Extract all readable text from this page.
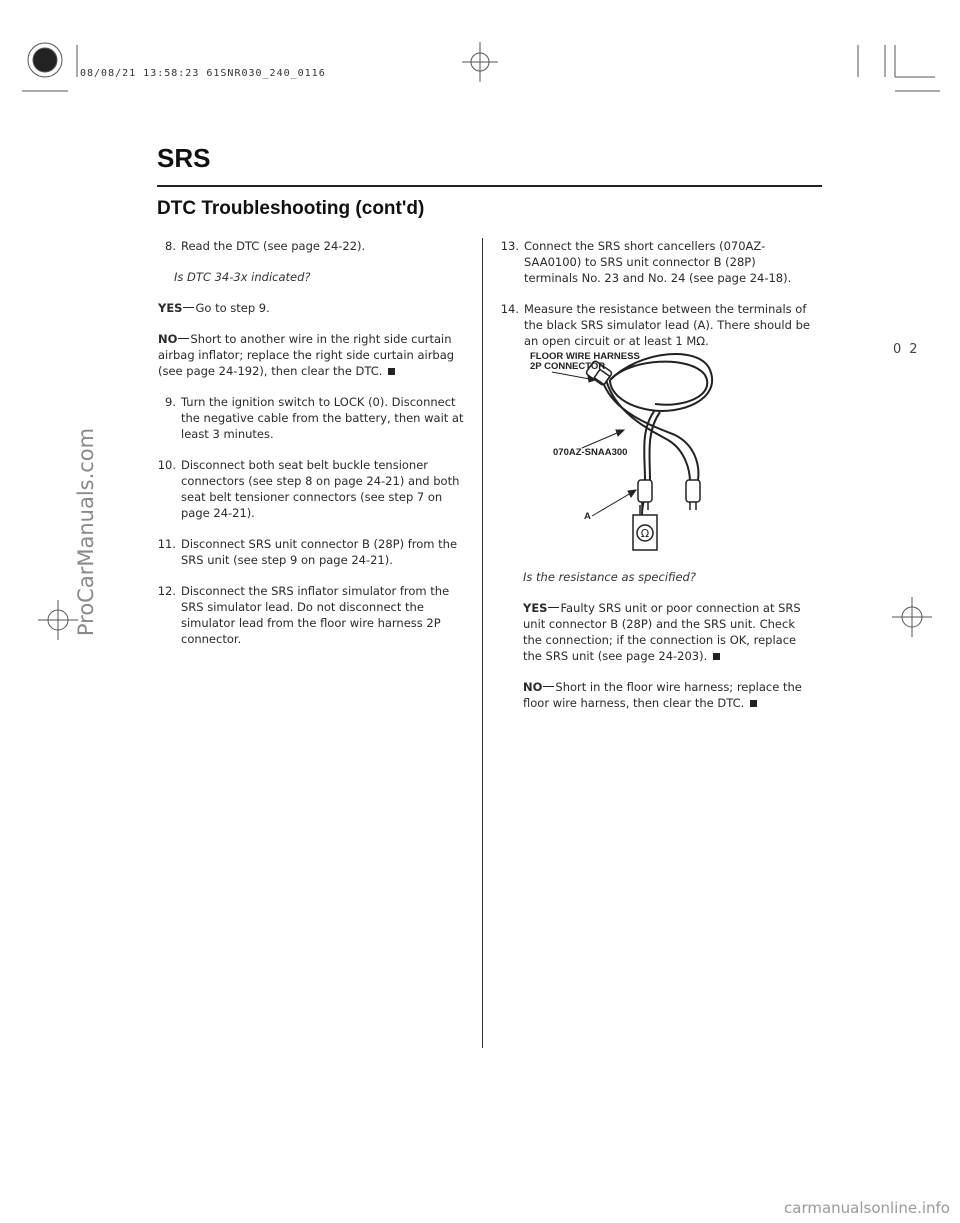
08/08/21 13:58:23 61SNR030_240_0116
02
ProCarManuals.com
carmanualsonline.info
SRS
DTC Troubleshooting (cont'd)
8. Read the DTC (see page 24-22).
Is DTC 34-3x indicated?
YES Go to step 9.
NO Short to another wire in the right side curtain airbag inflator; replace the right side curtain airbag (see page 24-192), then clear the DTC.
9. Turn the ignition switch to LOCK (0). Disconnect the negative cable from the battery, then wait at least 3 minutes.
10. Disconnect both seat belt buckle tensioner connectors (see step 8 on page 24-21) and both seat belt tensioner connectors (see step 7 on page 24-21).
11. Disconnect SRS unit connector B (28P) from the SRS unit (see step 9 on page 24-21).
12. Disconnect the SRS inflator simulator from the SRS simulator lead. Do not disconnect the simulator lead from the floor wire harness 2P connector.
13. Connect the SRS short cancellers (070AZ-SAA0100) to SRS unit connector B (28P) terminals No. 23 and No. 24 (see page 24-18).
14. Measure the resistance between the terminals of the black SRS simulator lead (A). There should be an open circuit or at least 1 MΩ.
Ω
FLOOR WIRE HARNESS
2P CONNECTOR
070AZ-SNAA300
A
Is the resistance as specified?
YES Faulty SRS unit or poor connection at SRS unit connector B (28P) and the SRS unit. Check the connection; if the connection is OK, replace the SRS unit (see page 24-203).
NO Short in the floor wire harness; replace the floor wire harness, then clear the DTC.
